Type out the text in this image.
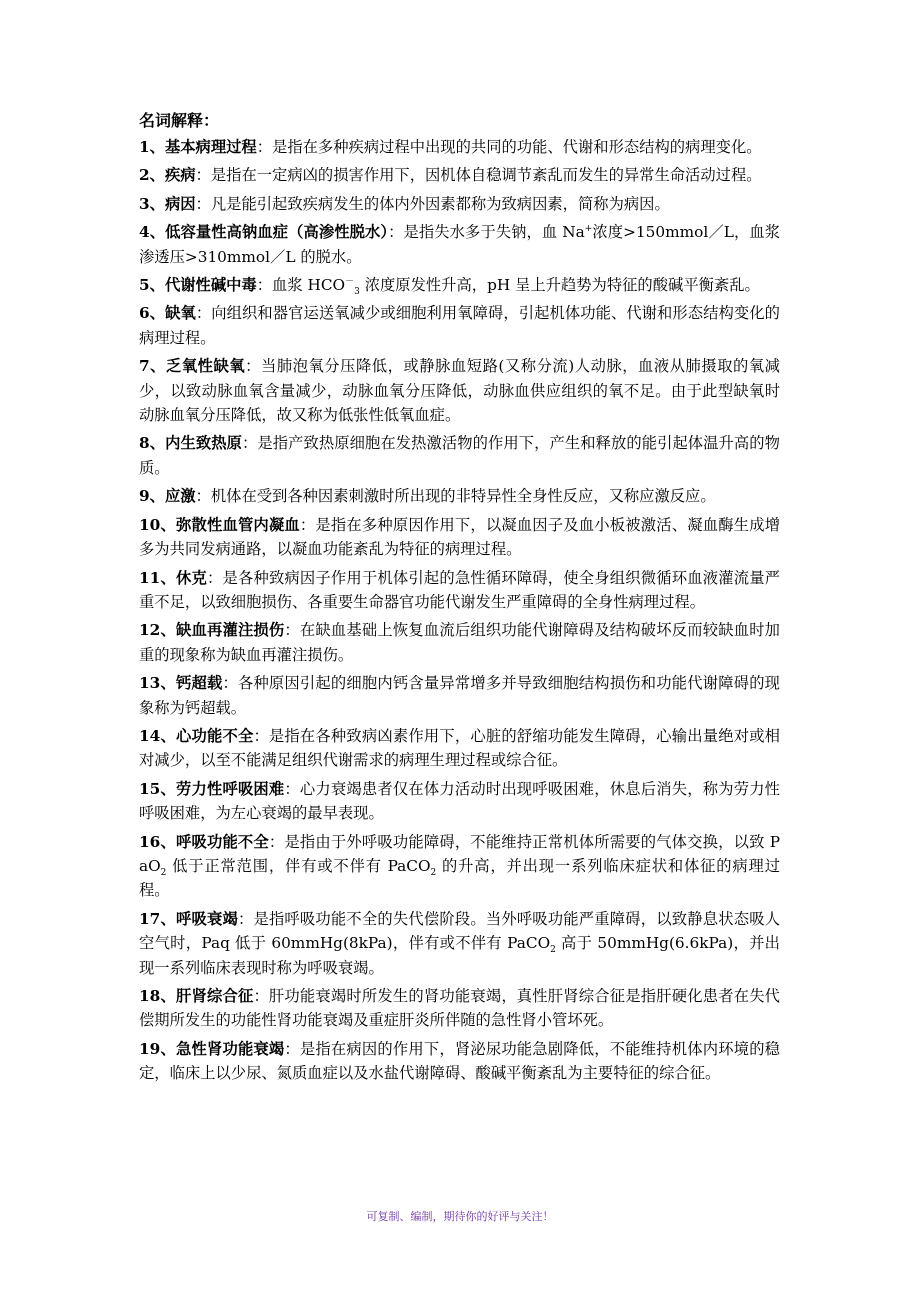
名词解释：

1、基本病理过程：是指在多种疾病过程中出现的共同的功能、代谢和形态结构的病理变化。

2、疾病：是指在一定病凶的损害作用下，因机体自稳调节紊乱而发生的异常生命活动过程。

3、病因：凡是能引起致疾病发生的体内外因素都称为致病因素，简称为病因。

4、低容量性高钠血症（高渗性脱水）：是指失水多于失钠，血 Na+浓度>150mmol／L，血浆渗透压>310mmol／L 的脱水。

5、代谢性碱中毒：血浆 $HCO^-_3$ 浓度原发性升高，pH 呈上升趋势为特征的酸碱平衡紊乱。

6、缺氧：向组织和器官运送氧减少或细胞利用氧障碍，引起机体功能、代谢和形态结构变化的病理过程。

7、乏氧性缺氧：当肺泡氧分压降低，或静脉血短路(又称分流)人动脉，血液从肺摄取的氧减少，以致动脉血氧含量减少，动脉血氧分压降低，动脉血供应组织的氧不足。由于此型缺氧时动脉血氧分压降低，故又称为低张性低氧血症。

8、内生致热原：是指产致热原细胞在发热激活物的作用下，产生和释放的能引起体温升高的物质。

9、应激：机体在受到各种因素刺激时所出现的非特异性全身性反应，又称应激反应。

10、弥散性血管内凝血：是指在多种原因作用下，以凝血因子及血小板被激活、凝血酶生成增多为共同发病通路，以凝血功能紊乱为特征的病理过程。

11、休克：是各种致病因子作用于机体引起的急性循环障碍，使全身组织微循环血液灌流量严重不足，以致细胞损伤、各重要生命器官功能代谢发生严重障碍的全身性病理过程。

12、缺血再灌注损伤：在缺血基础上恢复血流后组织功能代谢障碍及结构破坏反而较缺血时加重的现象称为缺血再灌注损伤。

13、钙超载：各种原因引起的细胞内钙含量异常增多并导致细胞结构损伤和功能代谢障碍的现象称为钙超载。

14、心功能不全：是指在各种致病凶素作用下，心脏的舒缩功能发生障碍，心输出量绝对或相对减少，以至不能满足组织代谢需求的病理生理过程或综合征。

15、劳力性呼吸困难：心力衰竭患者仅在体力活动时出现呼吸困难，休息后消失，称为劳力性呼吸困难，为左心衰竭的最早表现。

16、呼吸功能不全：是指由于外呼吸功能障碍，不能维持正常机体所需要的气体交换，以致 PaO$_2$ 低于正常范围，伴有或不伴有 PaCO$_2$ 的升高，并出现一系列临床症状和体征的病理过程。

17、呼吸衰竭：是指呼吸功能不全的失代偿阶段。当外呼吸功能严重障碍，以致静息状态吸人空气时，Paq 低于 60mmHg(8kPa)，伴有或不伴有 PaCO$_2$ 高于 50mmHg(6.6kPa)，并出现一系列临床表现时称为呼吸衰竭。

18、肝肾综合征：肝功能衰竭时所发生的肾功能衰竭，真性肝肾综合征是指肝硬化患者在失代偿期所发生的功能性肾功能衰竭及重症肝炎所伴随的急性肾小管坏死。

19、急性肾功能衰竭：是指在病因的作用下，肾泌尿功能急剧降低，不能维持机体内环境的稳定，临床上以少尿、氮质血症以及水盐代谢障碍、酸碱平衡紊乱为主要特征的综合征。

可复制、编制，期待你的好评与关注！
